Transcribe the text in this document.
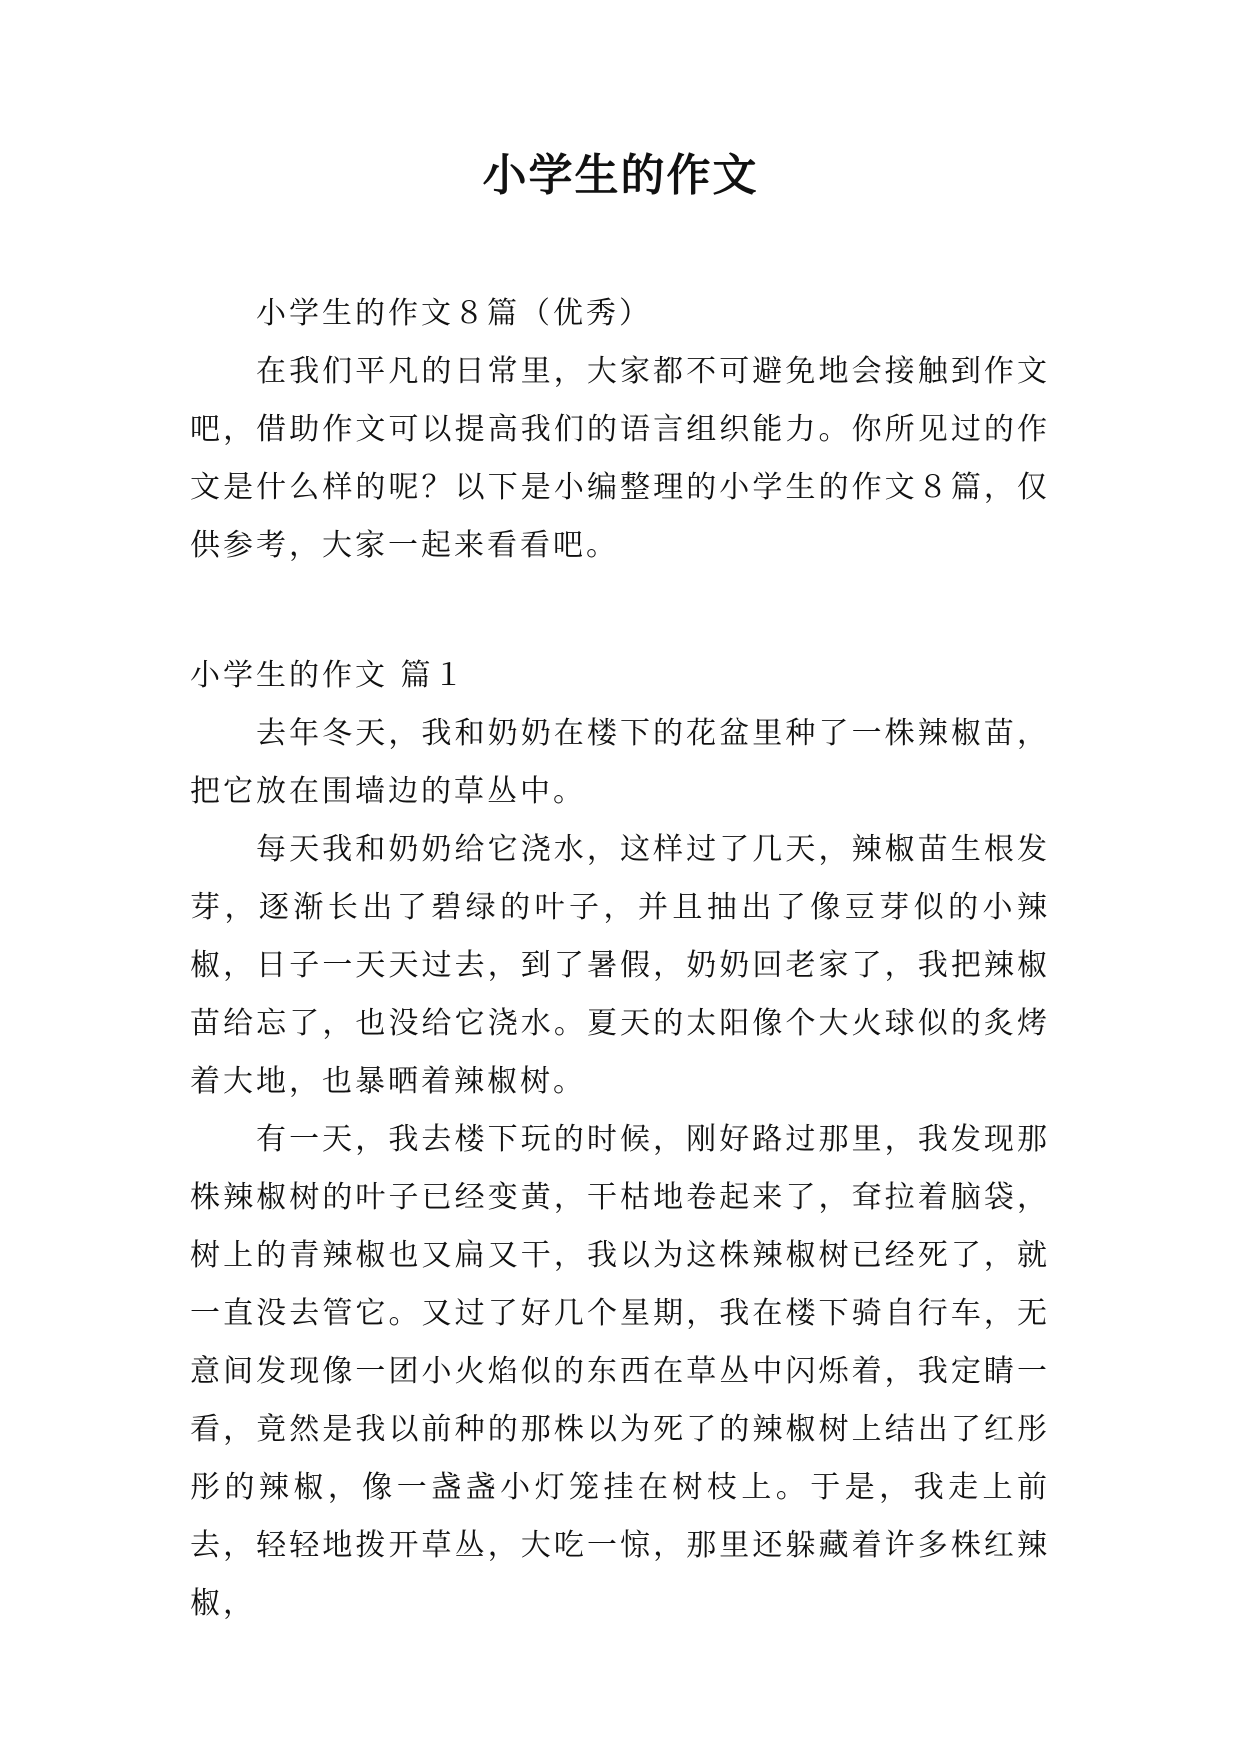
小学生的作文

小学生的作文８篇（优秀）

在我们平凡的日常里，大家都不可避免地会接触到作文吧，借助作文可以提高我们的语言组织能力。你所见过的作文是什么样的呢？以下是小编整理的小学生的作文８篇，仅供参考，大家一起来看看吧。

小学生的作文 篇１

去年冬天，我和奶奶在楼下的花盆里种了一株辣椒苗，把它放在围墙边的草丛中。

每天我和奶奶给它浇水，这样过了几天，辣椒苗生根发芽，逐渐长出了碧绿的叶子，并且抽出了像豆芽似的小辣椒，日子一天天过去，到了暑假，奶奶回老家了，我把辣椒苗给忘了，也没给它浇水。夏天的太阳像个大火球似的炙烤着大地，也暴晒着辣椒树。

有一天，我去楼下玩的时候，刚好路过那里，我发现那株辣椒树的叶子已经变黄，干枯地卷起来了，耷拉着脑袋，树上的青辣椒也又扁又干，我以为这株辣椒树已经死了，就一直没去管它。又过了好几个星期，我在楼下骑自行车，无意间发现像一团小火焰似的东西在草丛中闪烁着，我定睛一看，竟然是我以前种的那株以为死了的辣椒树上结出了红彤彤的辣椒，像一盏盏小灯笼挂在树枝上。于是，我走上前去，轻轻地拨开草丛，大吃一惊，那里还躲藏着许多株红辣椒，
